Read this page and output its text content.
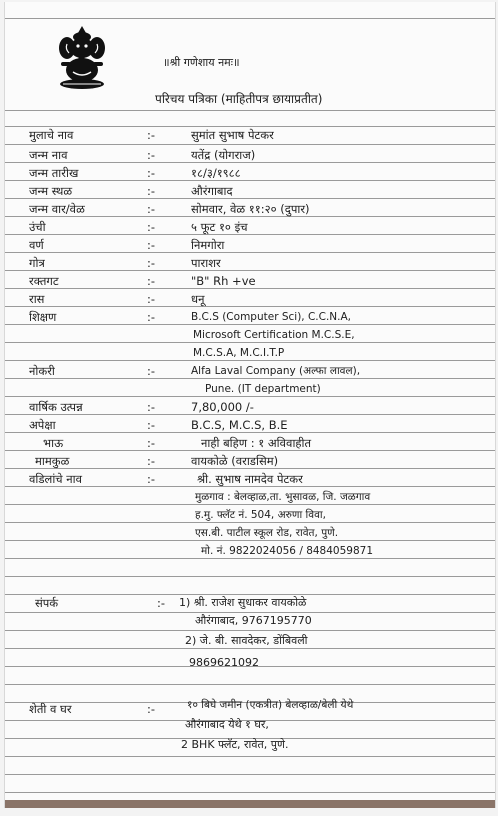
॥श्री गणेशाय नमः॥
परिचय पत्रिका (माहितीपत्र छायाप्रतीत)
मुलाचे नाव	:-	सुमांत सुभाष पेटकर
जन्म नाव	:-	यतेंद्र (योगराज)
जन्म तारीख	:-	१८/३/१९८८
जन्म स्थळ	:-	औरंगाबाद
जन्म वार/वेळ	:-	सोमवार, वेळ ११:२० (दुपार)
उंची	:-	५ फूट १० इंच
वर्ण	:-	निमगोरा
गोत्र	:-	पाराशर
रक्तगट	:-	"B" Rh +ve
रास	:-	धनू
शिक्षण	:-	B.C.S (Computer Sci), C.C.N.A,
Microsoft Certification M.C.S.E,
M.C.S.A, M.C.I.T.P
नोकरी	:-	Alfa Laval Company (अल्फा लावल),
Pune. (IT department)
वार्षिक उत्पन्न	:-	7,80,000 /-
अपेक्षा	:-	B.C.S, M.C.S, B.E
भाऊ	:-	नाही बहिण : १ अविवाहीत
मामकुळ	:-	वायकोळे (वराडसिम)
वडिलांचे नाव	:-	श्री. सुभाष नामदेव पेटकर
मुळगाव : बेलव्हाळ,ता. भुसावळ, जि. जळगाव
ह.मु. फ्लॅट नं. 504, अरुणा विवा,
एस.बी. पाटील स्कूल रोड, रावेत, पुणे.
मो. नं. 9822024056 / 8484059871
संपर्क	:- 1) श्री. राजेश सुधाकर वायकोळे
औरंगाबाद, 9767195770
2) जे. बी. सावदेकर, डोंबिवली
9869621092
शेती व घर	:-	१० बिघे जमीन (एकत्रीत) बेलव्हाळ/बेली येथे
औरंगाबाद येथे १ घर,
2 BHK फ्लॅट, रावेत, पुणे.
